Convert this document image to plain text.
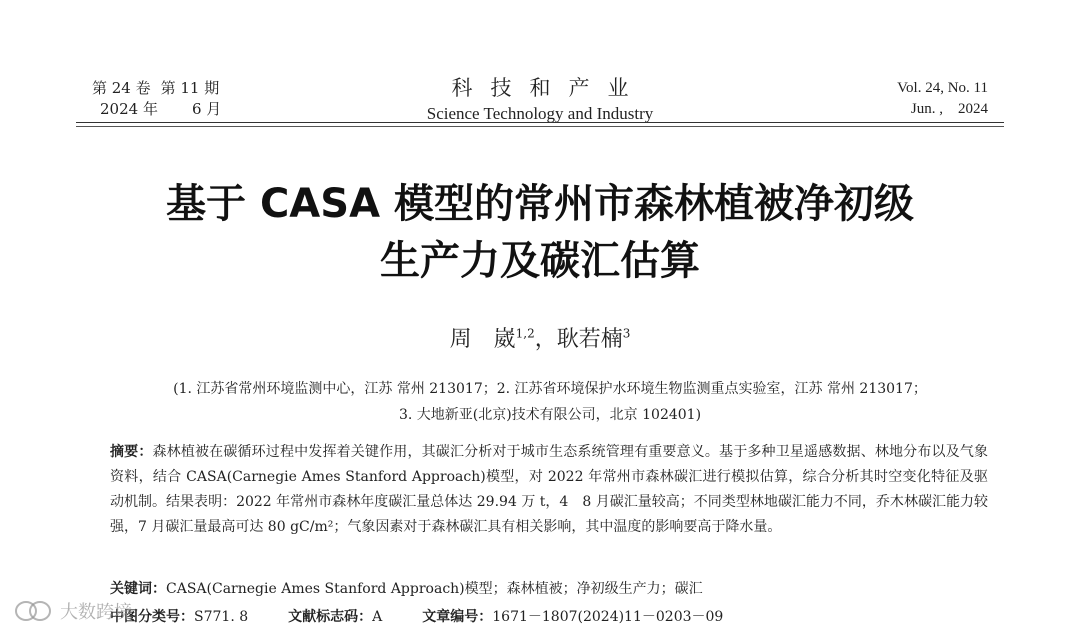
第 24 卷 第 11 期
2024 年 6 月
科技和产业
Science Technology and Industry
Vol. 24, No. 11
Jun. ,    2024
基于 CASA 模型的常州市森林植被净初级
生产力及碳汇估算
周　崴$^{1,2}$，耿若楠$^3$
(1. 江苏省常州环境监测中心，江苏 常州 213017；2. 江苏省环境保护水环境生物监测重点实验室，江苏 常州 213017；
3. 大地新亚(北京)技术有限公司，北京 102401)
摘要：森林植被在碳循环过程中发挥着关键作用，其碳汇分析对于城市生态系统管理有重要意义。基于多种卫星遥感数据、林地分布以及气象资料，结合 CASA(Carnegie Ames Stanford Approach)模型，对 2022 年常州市森林碳汇进行模拟估算，综合分析其时空变化特征及驱动机制。结果表明：2022 年常州市森林年度碳汇量总体达 29.94 万 t，4　8 月碳汇量较高；不同类型林地碳汇能力不同，乔木林碳汇能力较强，7 月碳汇量最高可达 80 gC/m²；气象因素对于森林碳汇具有相关影响，其中温度的影响要高于降水量。
关键词：CASA(Carnegie Ames Stanford Approach)模型；森林植被；净初级生产力；碳汇
中图分类号：S771. 8	文献标志码：A	文章编号：1671－1807(2024)11－0203－09
大数跨境
